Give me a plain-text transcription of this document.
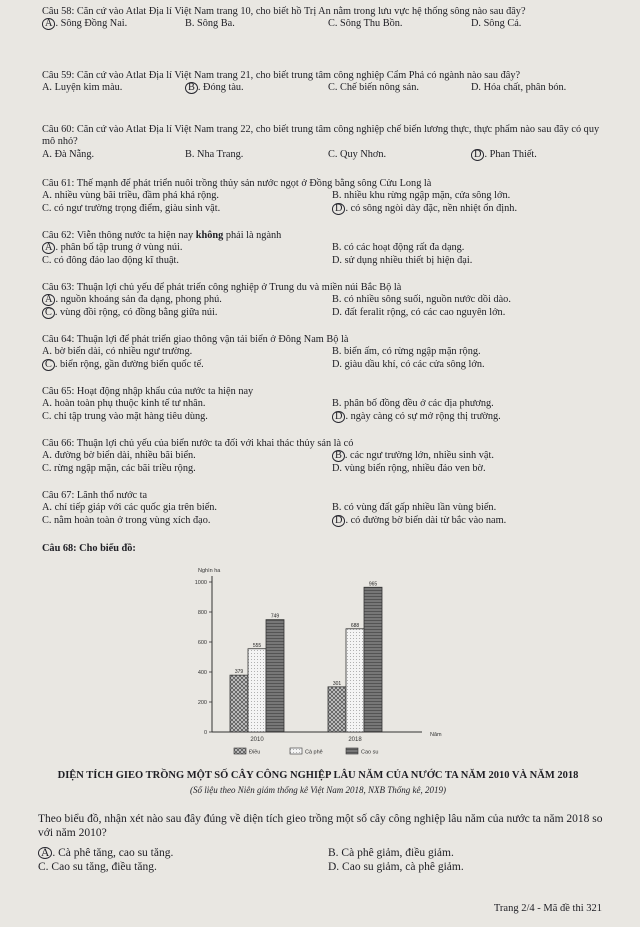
Câu 58: Căn cứ vào Atlat Địa lí Việt Nam trang 10, cho biết hồ Trị An nằm trong lưu vực hệ thống sông nào sau đây?
A . Sông Đồng Nai.	B. Sông Ba.	C. Sông Thu Bồn.	D. Sông Cả.
Câu 59: Căn cứ vào Atlat Địa lí Việt Nam trang 21, cho biết trung tâm công nghiệp Cẩm Phả có ngành nào sau đây?
A. Luyện kim màu.	B . Đóng tàu.	C. Chế biến nông sản.	D. Hóa chất, phân bón.
Câu 60: Căn cứ vào Atlat Địa lí Việt Nam trang 22, cho biết trung tâm công nghiệp chế biến lương thực, thực phẩm nào sau đây có quy mô nhỏ?
A. Đà Nẵng.	B. Nha Trang.	C. Quy Nhơn.	D . Phan Thiết.
Câu 61: Thế mạnh để phát triển nuôi trồng thủy sản nước ngọt ở Đồng bằng sông Cửu Long là
A. nhiều vùng bãi triều, đầm phá khá rộng.	B. nhiều khu rừng ngập mặn, cửa sông lớn.
C. có ngư trường trọng điểm, giàu sinh vật.	D . có sông ngòi dày đặc, nền nhiệt ổn định.
Câu 62: Viễn thông nước ta hiện nay không phải là ngành
A . phân bố tập trung ở vùng núi.	B. có các hoạt động rất đa dạng.
C. có đông đảo lao động kĩ thuật.	D. sử dụng nhiều thiết bị hiện đại.
Câu 63: Thuận lợi chủ yếu để phát triển công nghiệp ở Trung du và miền núi Bắc Bộ là
A . nguồn khoáng sản đa dạng, phong phú.	B. có nhiều sông suối, nguồn nước dồi dào.
C . vùng đồi rộng, có đồng bằng giữa núi.	D. đất feralit rộng, có các cao nguyên lớn.
Câu 64: Thuận lợi để phát triển giao thông vận tải biển ở Đông Nam Bộ là
A. bờ biển dài, có nhiều ngư trường.	B. biển ấm, có rừng ngập mặn rộng.
C . biển rộng, gần đường biển quốc tế.	D. giàu dầu khí, có các cửa sông lớn.
Câu 65: Hoạt động nhập khẩu của nước ta hiện nay
A. hoàn toàn phụ thuộc kinh tế tư nhân.	B. phân bố đồng đều ở các địa phương.
C. chỉ tập trung vào mặt hàng tiêu dùng.	D . ngày càng có sự mở rộng thị trường.
Câu 66: Thuận lợi chủ yếu của biển nước ta đối với khai thác thủy sản là có
A. đường bờ biển dài, nhiều bãi biển.	B . các ngư trường lớn, nhiều sinh vật.
C. rừng ngập mặn, các bãi triều rộng.	D. vùng biển rộng, nhiều đảo ven bờ.
Câu 67: Lãnh thổ nước ta
A. chỉ tiếp giáp với các quốc gia trên biển.	B. có vùng đất gấp nhiều lần vùng biển.
C. nằm hoàn toàn ở trong vùng xích đạo.	D . có đường bờ biển dài từ bắc vào nam.
Câu 68: Cho biểu đồ:
Nghìn ha
0
200
400
600
800
1000
379
555
749
2010
301
688
965
2018
Năm
Điều	Cà phê	Cao su
DIỆN TÍCH GIEO TRỒNG MỘT SỐ CÂY CÔNG NGHIỆP LÂU NĂM CỦA NƯỚC TA NĂM 2010 VÀ NĂM 2018
(Số liệu theo Niên giám thống kê Việt Nam 2018, NXB Thống kê, 2019)
Theo biểu đồ, nhận xét nào sau đây đúng về diện tích gieo trồng một số cây công nghiệp lâu năm của nước ta năm 2018 so với năm 2010?
A . Cà phê tăng, cao su tăng.	B. Cà phê giảm, điều giảm.
C. Cao su tăng, điều tăng.	D. Cao su giảm, cà phê giảm.
Trang 2/4 - Mã đề thi 321
